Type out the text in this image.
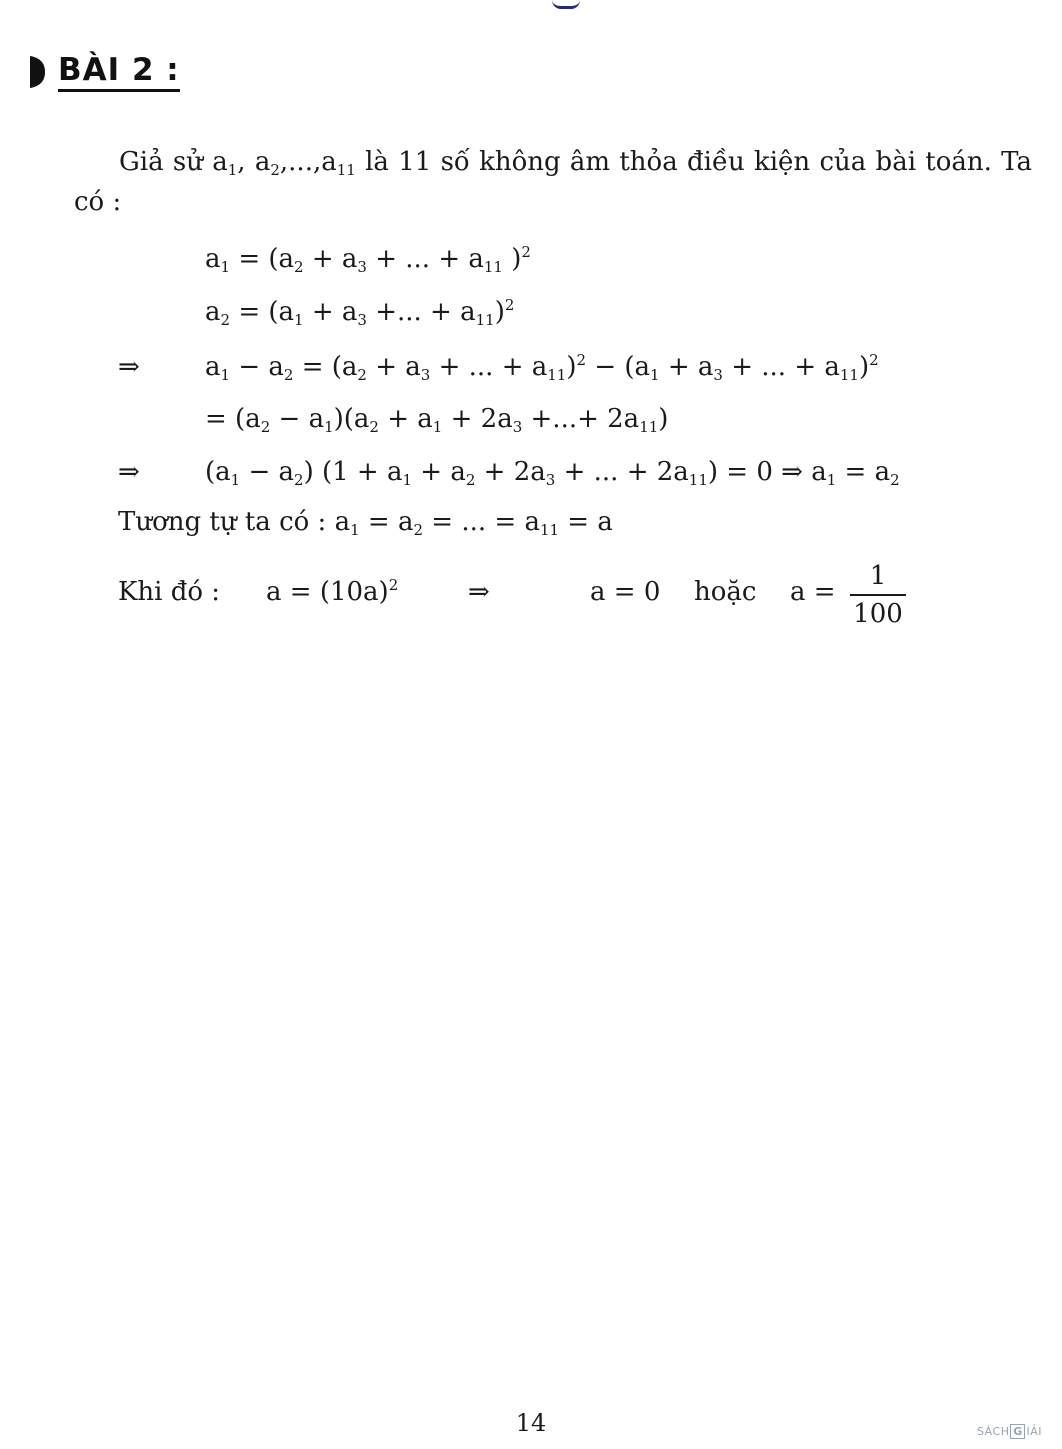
BÀI 2 :
Giả sử $a_1$, $a_2,...,a_{11}$ là 11 số không âm thỏa điều kiện của bài toán. Ta có :
$a_1 = (a_2 + a_3$ + ... + $a_{11}$ )$^2$
$a_2 = (a_1 + a_3$ +... + $a_{11})^2$
⇒	$a_1 - a_2 = (a_2 + a_3$ + ... + $a_{11})^2 - (a_1 + a_3$ + ... + $a_{11})^2$
= $(a_2 - a_1)(a_2 + a_1 + 2a_3$ +...+ $2a_{11}$)
⇒	$(a_1 - a_2) (1 + a_1 + a_2 + 2a_3$ + ... + $2a_{11}) = 0$ ⇒ $a_1 = a_2$
Tương tự ta có : $a_1 = a_2$ = ... = $a_{11} = a$
Khi đó : $a = (10a)^2$	⇒	a = 0 hoặc a =
1
100
14	SÁCH G IẢI
